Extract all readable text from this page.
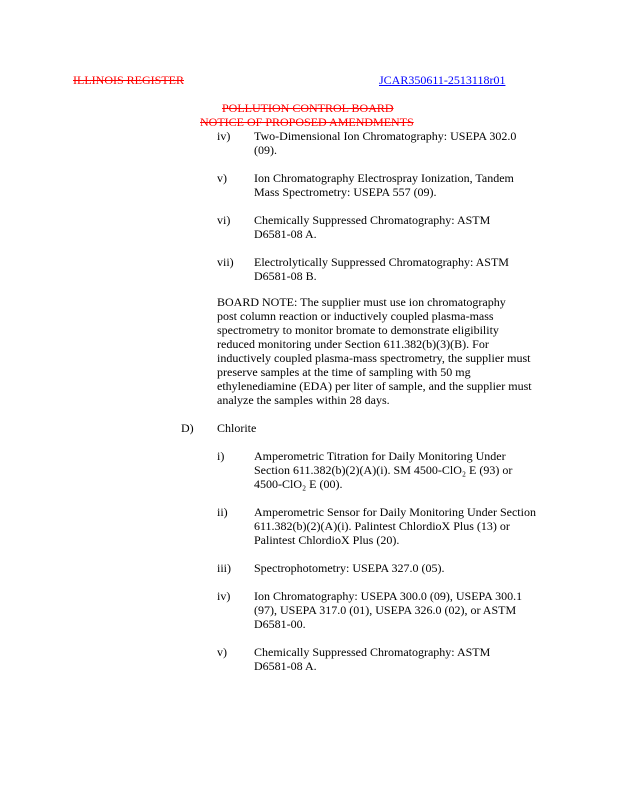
ILLINOIS REGISTER	JCAR350611-2513118r01
POLLUTION CONTROL BOARD
NOTICE OF PROPOSED AMENDMENTS
iv) Two-Dimensional Ion Chromatography: USEPA 302.0
(09).
v) Ion Chromatography Electrospray Ionization, Tandem
Mass Spectrometry: USEPA 557 (09).
vi) Chemically Suppressed Chromatography: ASTM
D6581-08 A.
vii) Electrolytically Suppressed Chromatography: ASTM
D6581-08 B.
BOARD NOTE: The supplier must use ion chromatography
post column reaction or inductively coupled plasma-mass
spectrometry to monitor bromate to demonstrate eligibility
reduced monitoring under Section 611.382(b)(3)(B). For
inductively coupled plasma-mass spectrometry, the supplier must
preserve samples at the time of sampling with 50 mg
ethylenediamine (EDA) per liter of sample, and the supplier must
analyze the samples within 28 days.
D) Chlorite
i) Amperometric Titration for Daily Monitoring Under
Section 611.382(b)(2)(A)(i). SM 4500-ClO₂ E (93) or
4500-ClO₂ E (00).
ii) Amperometric Sensor for Daily Monitoring Under Section
611.382(b)(2)(A)(i). Palintest ChlordioX Plus (13) or
Palintest ChlordioX Plus (20).
iii) Spectrophotometry: USEPA 327.0 (05).
iv) Ion Chromatography: USEPA 300.0 (09), USEPA 300.1
(97), USEPA 317.0 (01), USEPA 326.0 (02), or ASTM
D6581-00.
v) Chemically Suppressed Chromatography: ASTM
D6581-08 A.
